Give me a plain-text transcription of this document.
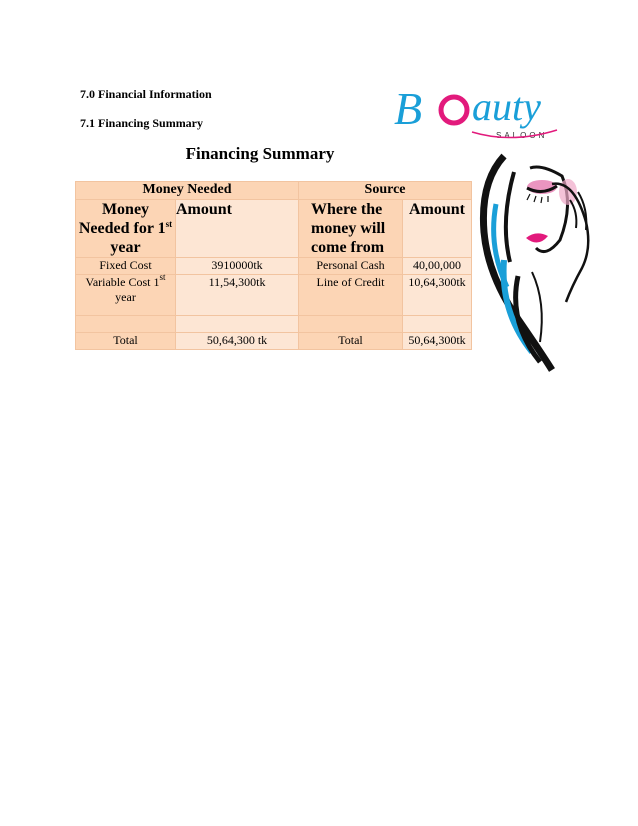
7.0 Financial Information
7.1 Financing Summary
Financing Summary
B auty
SALOON
Money Needed		Source	
Money Needed for 1st year	Amount	Where the money will come from	Amount
Fixed Cost	3910000tk	Personal Cash	40,00,000
Variable Cost 1st year	11,54,300tk	Line of Credit	10,64,300tk

Total	50,64,300 tk	Total	50,64,300tk
